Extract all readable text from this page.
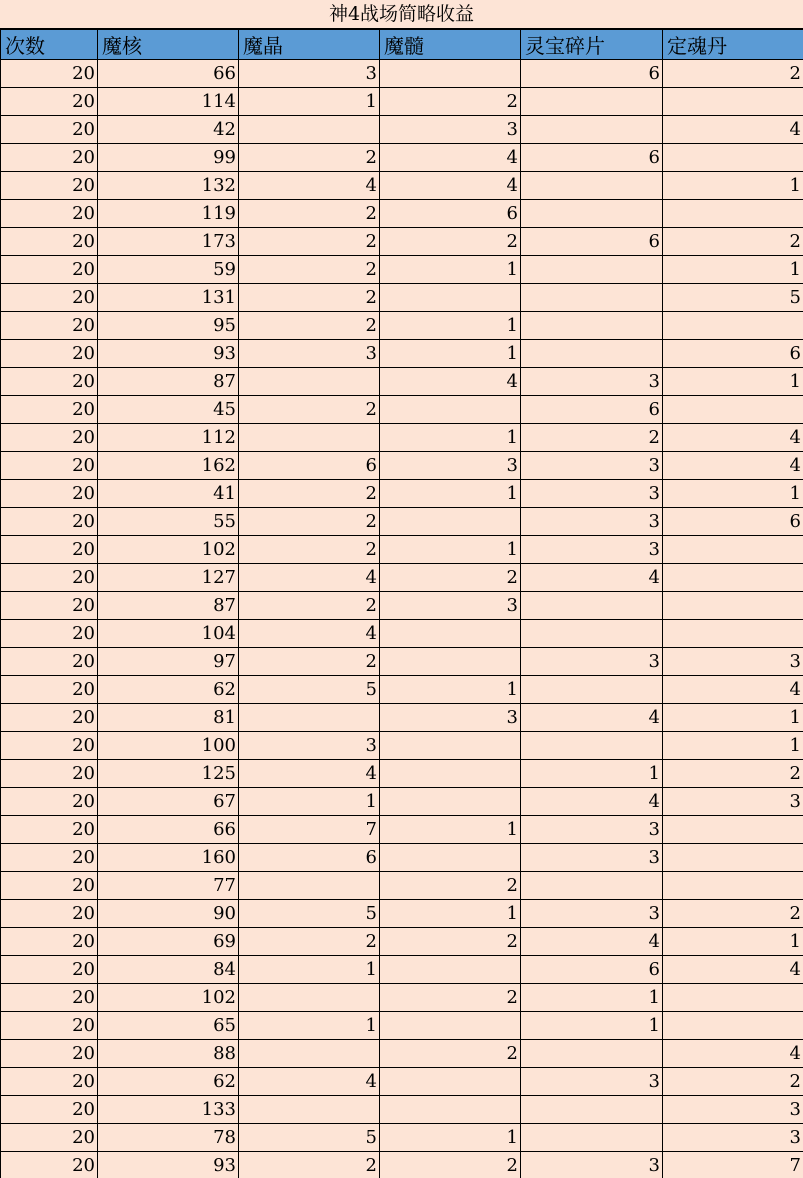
神4战场简略收益
次数	魔核	魔晶	魔髓	灵宝碎片	定魂丹
20	66	3		6	2
20	114	1	2		
20	42		3		4
20	99	2	4	6	
20	132	4	4		1
20	119	2	6		
20	173	2	2	6	2
20	59	2	1		1
20	131	2			5
20	95	2	1		
20	93	3	1		6
20	87		4	3	1
20	45	2		6	
20	112		1	2	4
20	162	6	3	3	4
20	41	2	1	3	1
20	55	2		3	6
20	102	2	1	3	
20	127	4	2	4	
20	87	2	3		
20	104	4			
20	97	2		3	3
20	62	5	1		4
20	81		3	4	1
20	100	3			1
20	125	4		1	2
20	67	1		4	3
20	66	7	1	3	
20	160	6		3	
20	77		2		
20	90	5	1	3	2
20	69	2	2	4	1
20	84	1		6	4
20	102		2	1	
20	65	1		1	
20	88		2		4
20	62	4		3	2
20	133				3
20	78	5	1		3
20	93	2	2	3	7
